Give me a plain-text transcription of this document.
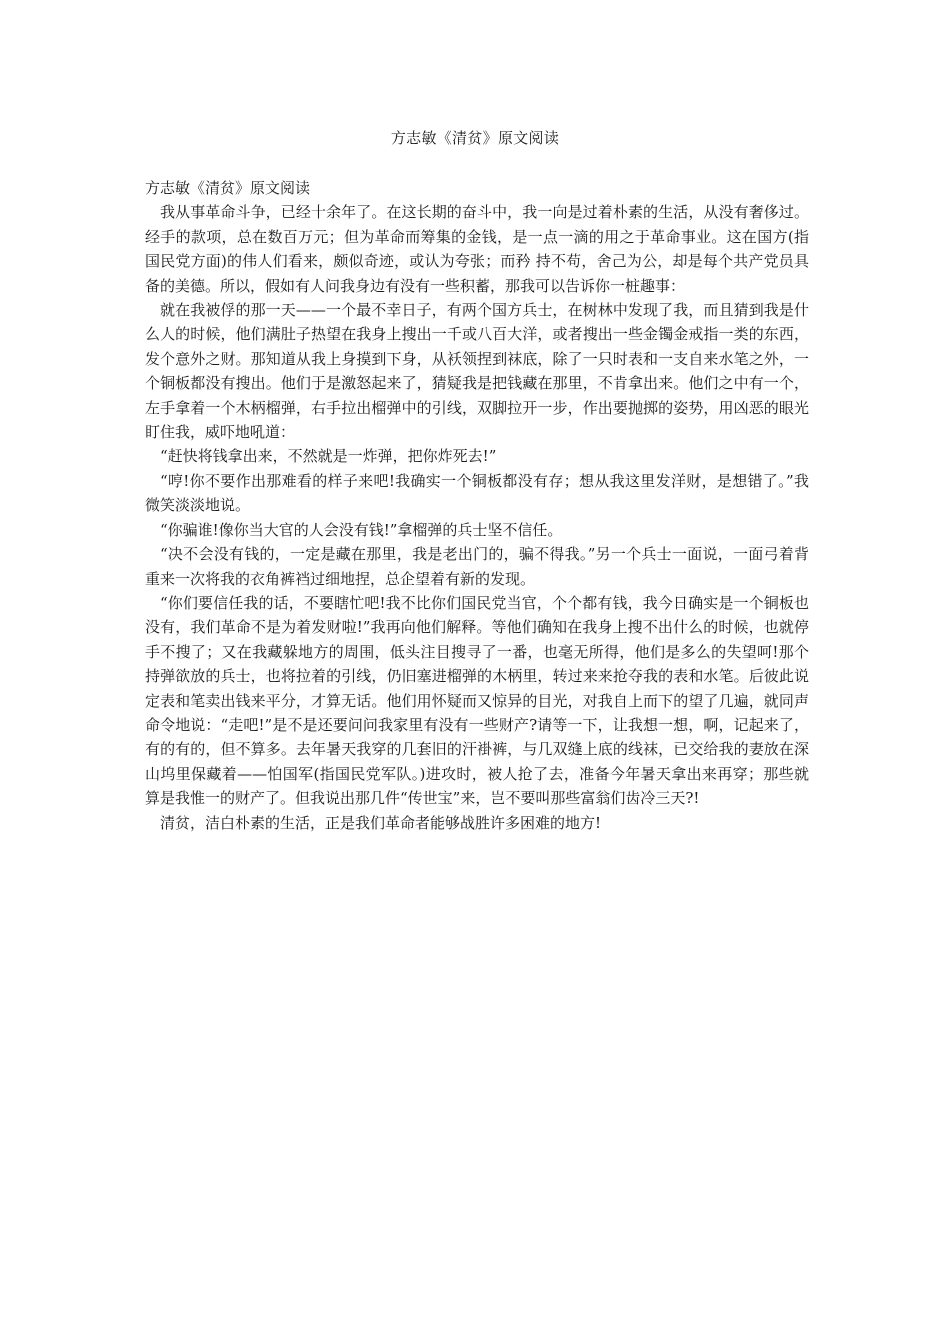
方志敏《清贫》原文阅读

方志敏《清贫》原文阅读

我从事革命斗争，已经十余年了。在这长期的奋斗中，我一向是过着朴素的生活，从没有奢侈过。经手的款项，总在数百万元；但为革命而筹集的金钱，是一点一滴的用之于革命事业。这在国方(指国民党方面)的伟人们看来，颇似奇迹，或认为夸张；而矜 持不苟，舍己为公，却是每个共产党员具备的美德。所以，假如有人问我身边有没有一些积蓄，那我可以告诉你一桩趣事：

就在我被俘的那一天——一个最不幸日子，有两个国方兵士，在树林中发现了我，而且猜到我是什么人的时候，他们满肚子热望在我身上搜出一千或八百大洋，或者搜出一些金镯金戒指一类的东西，发个意外之财。那知道从我上身摸到下身，从袄领捏到袜底，除了一只时表和一支自来水笔之外，一个铜板都没有搜出。他们于是激怒起来了，猜疑我是把钱藏在那里，不肯拿出来。他们之中有一个，左手拿着一个木柄榴弹，右手拉出榴弹中的引线，双脚拉开一步，作出要抛掷的姿势，用凶恶的眼光盯住我，威吓地吼道：

“赶快将钱拿出来，不然就是一炸弹，把你炸死去!”

“哼!你不要作出那难看的样子来吧!我确实一个铜板都没有存；想从我这里发洋财，是想错了。”我微笑淡淡地说。

“你骗谁!像你当大官的人会没有钱!”拿榴弹的兵士坚不信任。

“决不会没有钱的，一定是藏在那里，我是老出门的，骗不得我。”另一个兵士一面说，一面弓着背重来一次将我的衣角裤裆过细地捏，总企望着有新的发现。

“你们要信任我的话，不要瞎忙吧!我不比你们国民党当官，个个都有钱，我今日确实是一个铜板也没有，我们革命不是为着发财啦!”我再向他们解释。等他们确知在我身上搜不出什么的时候，也就停手不搜了；又在我藏躲地方的周围，低头注目搜寻了一番，也毫无所得，他们是多么的失望呵!那个持弹欲放的兵士，也将拉着的引线，仍旧塞进榴弹的木柄里，转过来来抢夺我的表和水笔。后彼此说定表和笔卖出钱来平分，才算无话。他们用怀疑而又惊异的目光，对我自上而下的望了几遍，就同声命令地说：“走吧!”是不是还要问问我家里有没有一些财产?请等一下，让我想一想，啊，记起来了，有的有的，但不算多。去年暑天我穿的几套旧的汗褂裤，与几双缝上底的线袜，已交给我的妻放在深山坞里保藏着——怕国军(指国民党军队。)进攻时，被人抢了去，准备今年暑天拿出来再穿；那些就算是我惟一的财产了。但我说出那几件“传世宝”来，岂不要叫那些富翁们齿冷三天?!

清贫，洁白朴素的生活，正是我们革命者能够战胜许多困难的地方!
